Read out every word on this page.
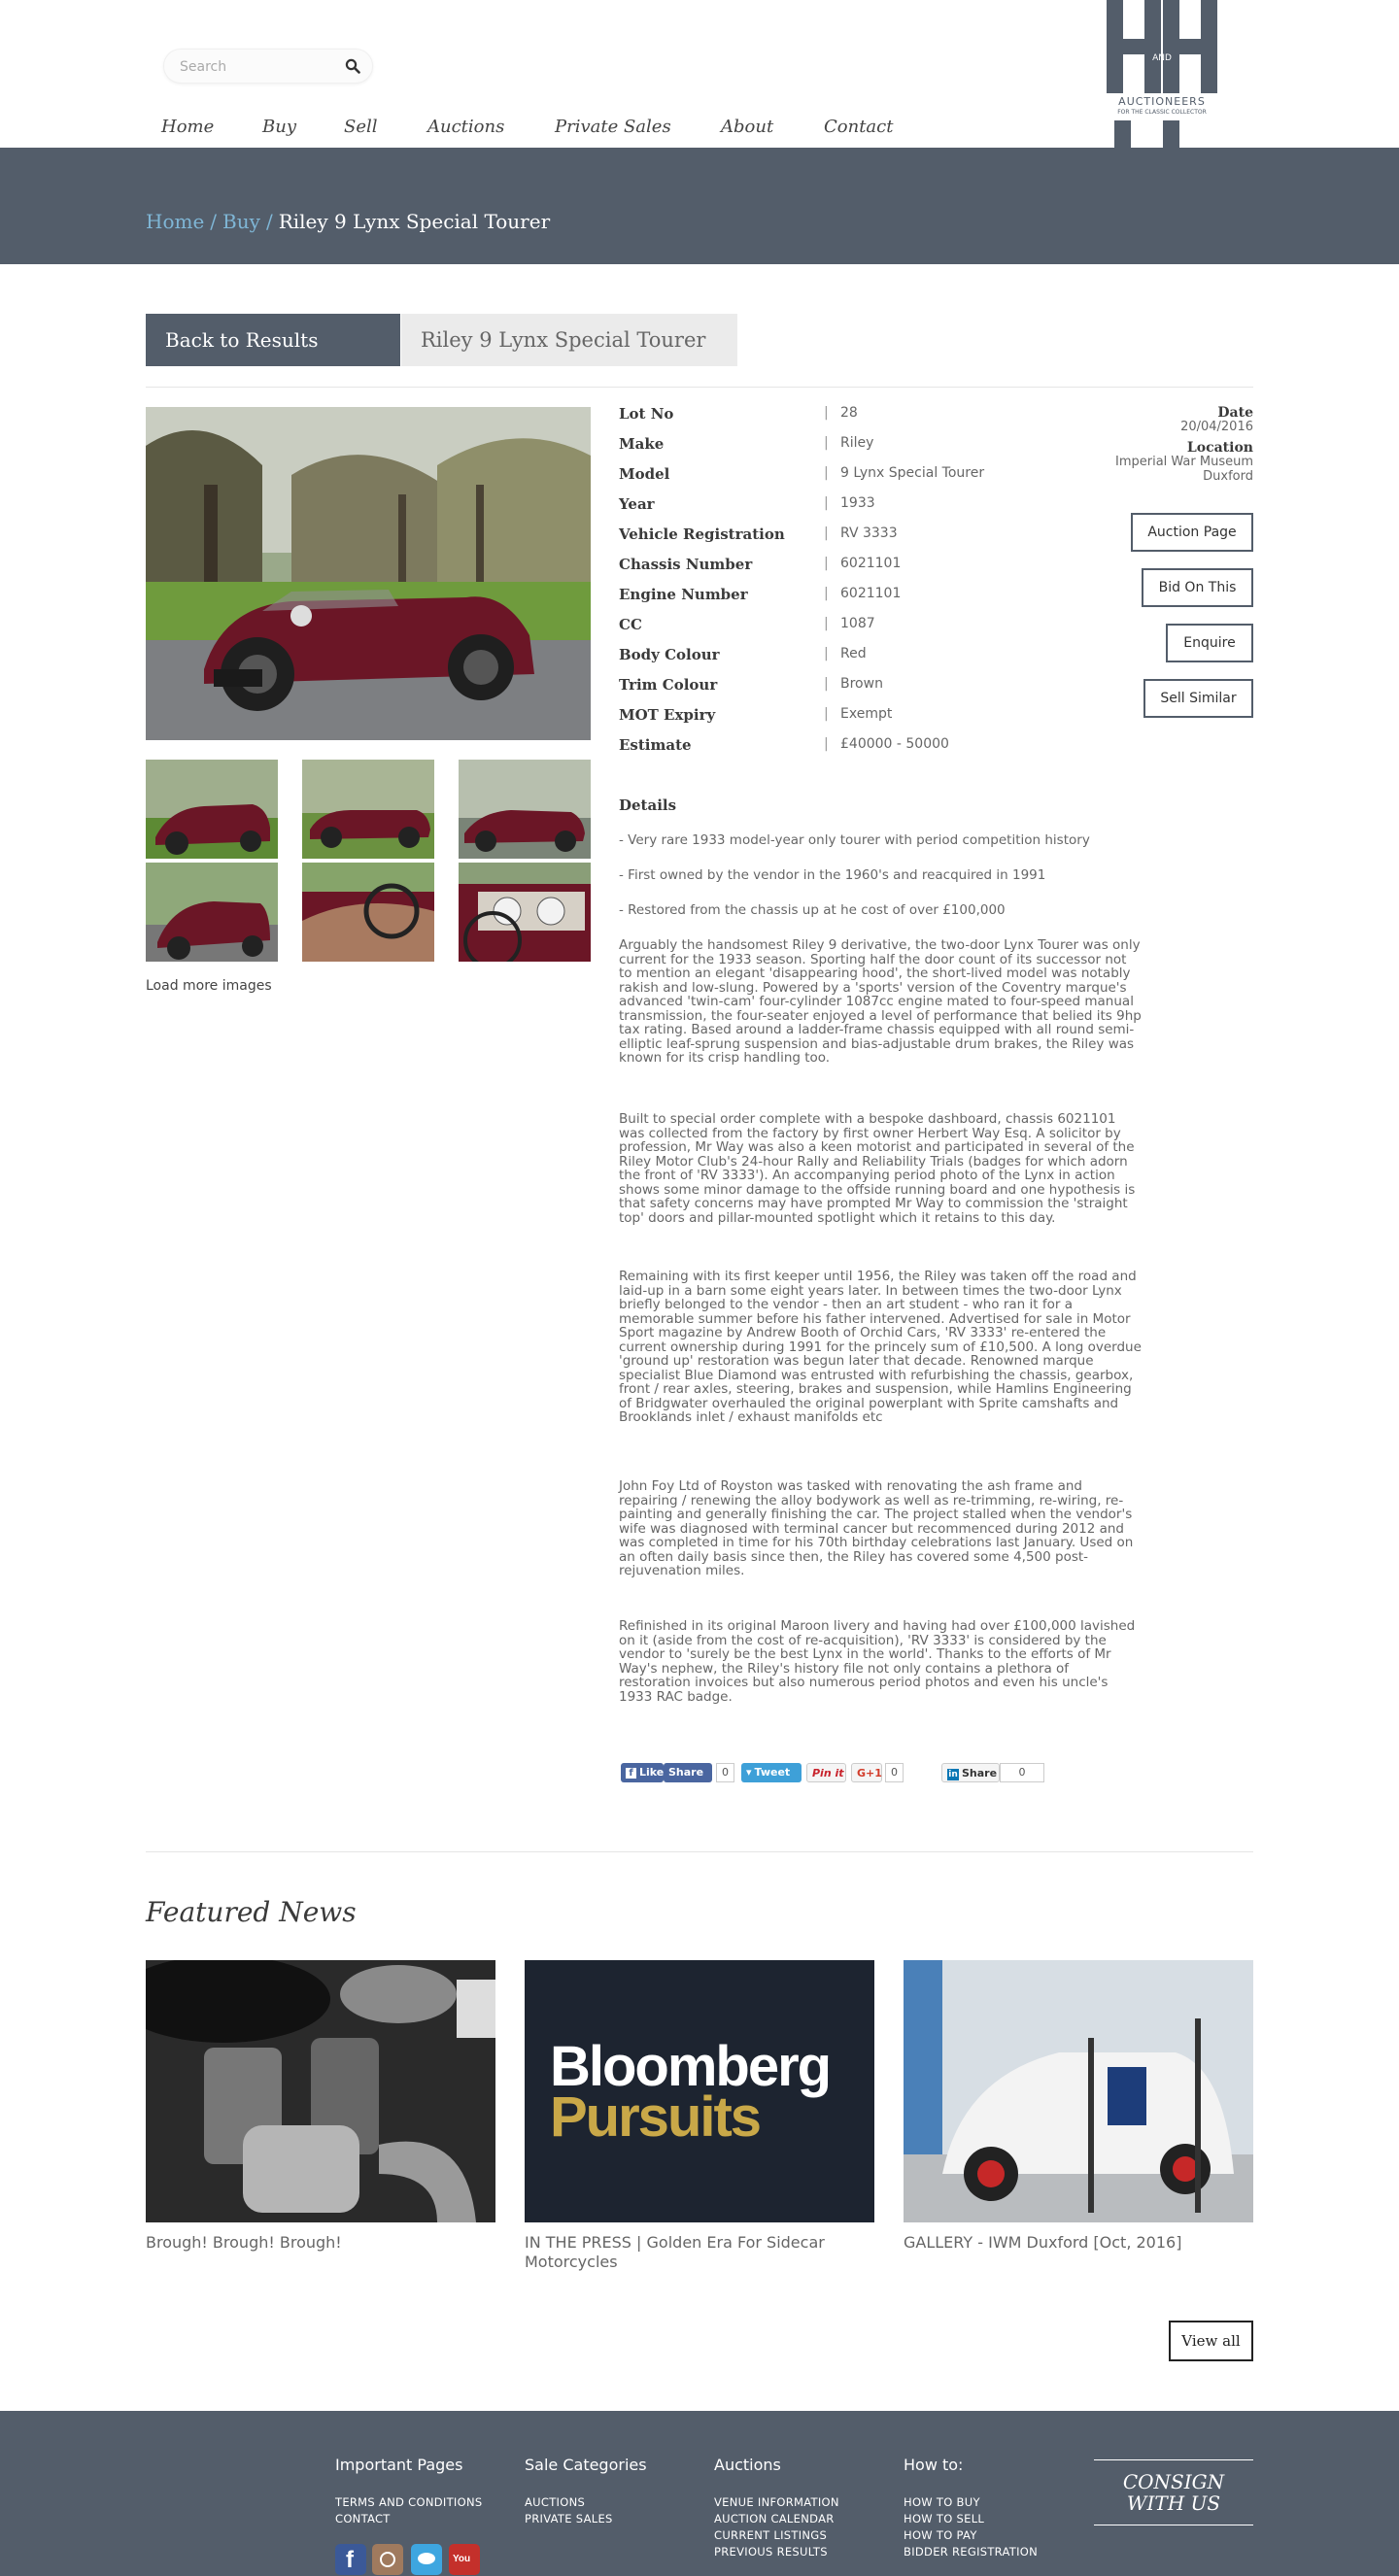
Search
Home	Buy	Sell	Auctions	Private Sales	About	Contact
AND
AUCTIONEERS
FOR THE CLASSIC COLLECTOR
Home / Buy / Riley 9 Lynx Special Tourer
Back to Results	Riley 9 Lynx Special Tourer
Load more images
Lot No	| 28
Make	| Riley
Model	| 9 Lynx Special Tourer
Year	| 1933
Vehicle Registration	| RV 3333
Chassis Number	| 6021101
Engine Number	| 6021101
CC	| 1087
Body Colour	| Red
Trim Colour	| Brown
MOT Expiry	| Exempt
Estimate	| £40000 - 50000
Date
20/04/2016
Location
Imperial War Museum
Duxford
Auction Page
Bid On This
Enquire
Sell Similar
Details
- Very rare 1933 model-year only tourer with period competition history
- First owned by the vendor in the 1960's and reacquired in 1991
- Restored from the chassis up at he cost of over £100,000

Arguably the handsomest Riley 9 derivative, the two-door Lynx Tourer was only current for the 1933 season. Sporting half the door count of its successor not to mention an elegant 'disappearing hood', the short-lived model was notably rakish and low-slung. Powered by a 'sports' version of the Coventry marque's advanced 'twin-cam' four-cylinder 1087cc engine mated to four-speed manual transmission, the four-seater enjoyed a level of performance that belied its 9hp tax rating. Based around a ladder-frame chassis equipped with all round semi-elliptic leaf-sprung suspension and bias-adjustable drum brakes, the Riley was known for its crisp handling too.

Built to special order complete with a bespoke dashboard, chassis 6021101 was collected from the factory by first owner Herbert Way Esq. A solicitor by profession, Mr Way was also a keen motorist and participated in several of the Riley Motor Club's 24-hour Rally and Reliability Trials (badges for which adorn the front of 'RV 3333'). An accompanying period photo of the Lynx in action shows some minor damage to the offside running board and one hypothesis is that safety concerns may have prompted Mr Way to commission the 'straight top' doors and pillar-mounted spotlight which it retains to this day.

Remaining with its first keeper until 1956, the Riley was taken off the road and laid-up in a barn some eight years later. In between times the two-door Lynx briefly belonged to the vendor - then an art student - who ran it for a memorable summer before his father intervened. Advertised for sale in Motor Sport magazine by Andrew Booth of Orchid Cars, 'RV 3333' re-entered the current ownership during 1991 for the princely sum of £10,500. A long overdue 'ground up' restoration was begun later that decade. Renowned marque specialist Blue Diamond was entrusted with refurbishing the chassis, gearbox, front / rear axles, steering, brakes and suspension, while Hamlins Engineering of Bridgwater overhauled the original powerplant with Sprite camshafts and Brooklands inlet / exhaust manifolds etc

John Foy Ltd of Royston was tasked with renovating the ash frame and repairing / renewing the alloy bodywork as well as re-trimming, re-wiring, re-painting and generally finishing the car. The project stalled when the vendor's wife was diagnosed with terminal cancer but recommenced during 2012 and was completed in time for his 70th birthday celebrations last January. Used on an often daily basis since then, the Riley has covered some 4,500 post-rejuvenation miles.

Refinished in its original Maroon livery and having had over £100,000 lavished on it (aside from the cost of re-acquisition), 'RV 3333' is considered by the vendor to 'surely be the best Lynx in the world'. Thanks to the efforts of Mr Way's nephew, the Riley's history file not only contains a plethora of restoration invoices but also numerous period photos and even his uncle's 1933 RAC badge.

f Like Share	0	▾ Tweet	Pin it	G+1 0	in Share	0
Featured News
Bloomberg
Pursuits
Brough! Brough! Brough!	IN THE PRESS | Golden Era For Sidecar Motorcycles
GALLERY - IWM Duxford [Oct, 2016]
View all
Important Pages
TERMS AND CONDITIONS
CONTACT
Sale Categories
AUCTIONS
PRIVATE SALES
Auctions
VENUE INFORMATION
AUCTION CALENDAR
CURRENT LISTINGS
PREVIOUS RESULTS
How to:
HOW TO BUY
HOW TO SELL
HOW TO PAY
BIDDER REGISTRATION
CONSIGN
WITH US
f	You
